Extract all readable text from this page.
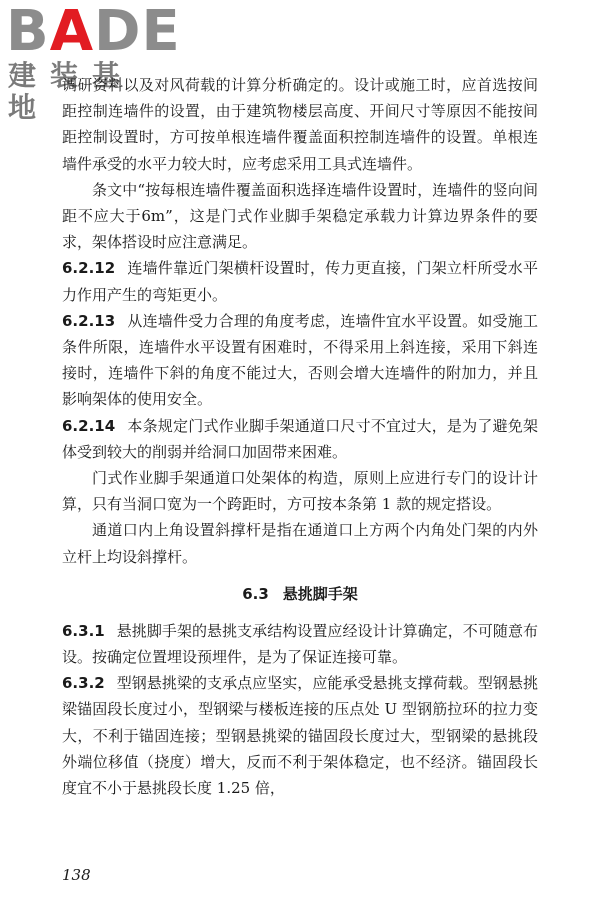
BADE
建装基地

调研资料以及对风荷载的计算分析确定的。设计或施工时，应首选按间距控制连墙件的设置，由于建筑物楼层高度、开间尺寸等原因不能按间距控制设置时，方可按单根连墙件覆盖面积控制连墙件的设置。单根连墙件承受的水平力较大时，应考虑采用工具式连墙件。

条文中“按每根连墙件覆盖面积选择连墙件设置时，连墙件的竖向间距不应大于6m”，这是门式作业脚手架稳定承载力计算边界条件的要求，架体搭设时应注意满足。

6.2.12 连墙件靠近门架横杆设置时，传力更直接，门架立杆所受水平力作用产生的弯矩更小。

6.2.13 从连墙件受力合理的角度考虑，连墙件宜水平设置。如受施工条件所限，连墙件水平设置有困难时，不得采用上斜连接，采用下斜连接时，连墙件下斜的角度不能过大，否则会增大连墙件的附加力，并且影响架体的使用安全。

6.2.14 本条规定门式作业脚手架通道口尺寸不宜过大，是为了避免架体受到较大的削弱并给洞口加固带来困难。

门式作业脚手架通道口处架体的构造，原则上应进行专门的设计计算，只有当洞口宽为一个跨距时，方可按本条第 1 款的规定搭设。

通道口内上角设置斜撑杆是指在通道口上方两个内角处门架的内外立杆上均设斜撑杆。

6.3 悬挑脚手架

6.3.1 悬挑脚手架的悬挑支承结构设置应经设计计算确定，不可随意布设。按确定位置埋设预埋件，是为了保证连接可靠。

6.3.2 型钢悬挑梁的支承点应坚实，应能承受悬挑支撑荷载。型钢悬挑梁锚固段长度过小，型钢梁与楼板连接的压点处 U 型钢筋拉环的拉力变大，不利于锚固连接；型钢悬挑梁的锚固段长度过大，型钢梁的悬挑段外端位移值（挠度）增大，反而不利于架体稳定，也不经济。锚固段长度宜不小于悬挑段长度 1.25 倍，

138
